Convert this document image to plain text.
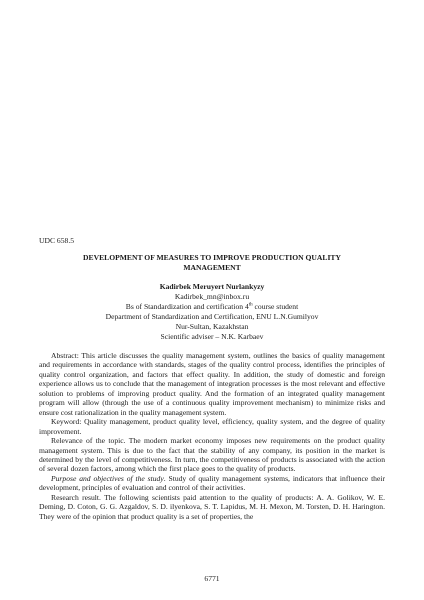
UDC 658.5
DEVELOPMENT OF MEASURES TO IMPROVE PRODUCTION QUALITY MANAGEMENT
Kadirbek Meruyert Nurlankyzy
Kadirbek_mn@inbox.ru
Bs of Standardization and certification 4th course student
Department of Standardization and Certification, ENU L.N.Gumilyov
Nur-Sultan, Kazakhstan
Scientific adviser – N.K. Karbaev

Abstract: This article discusses the quality management system, outlines the basics of quality management and requirements in accordance with standards, stages of the quality control process, identifies the principles of quality control organization, and factors that effect quality. In addition, the study of domestic and foreign experience allows us to conclude that the management of integration processes is the most relevant and effective solution to problems of improving product quality. And the formation of an integrated quality management program will allow (through the use of a continuous quality improvement mechanism) to minimize risks and ensure cost rationalization in the quality management system.

Keyword: Quality management, product quality level, efficiency, quality system, and the degree of quality improvement.

Relevance of the topic. The modern market economy imposes new requirements on the product quality management system. This is due to the fact that the stability of any company, its position in the market is determined by the level of competitiveness. In turn, the competitiveness of products is associated with the action of several dozen factors, among which the first place goes to the quality of products.

Purpose and objectives of the study. Study of quality management systems, indicators that influence their development, principles of evaluation and control of their activities.

Research result. The following scientists paid attention to the quality of products: A. A. Golikov, W. E. Deming, D. Coton, G. G. Azgaldov, S. D. ilyenkova, S. T. Lapidus, M. H. Mexon, M. Torsten, D. H. Harington. They were of the opinion that product quality is a set of properties, the

6771
